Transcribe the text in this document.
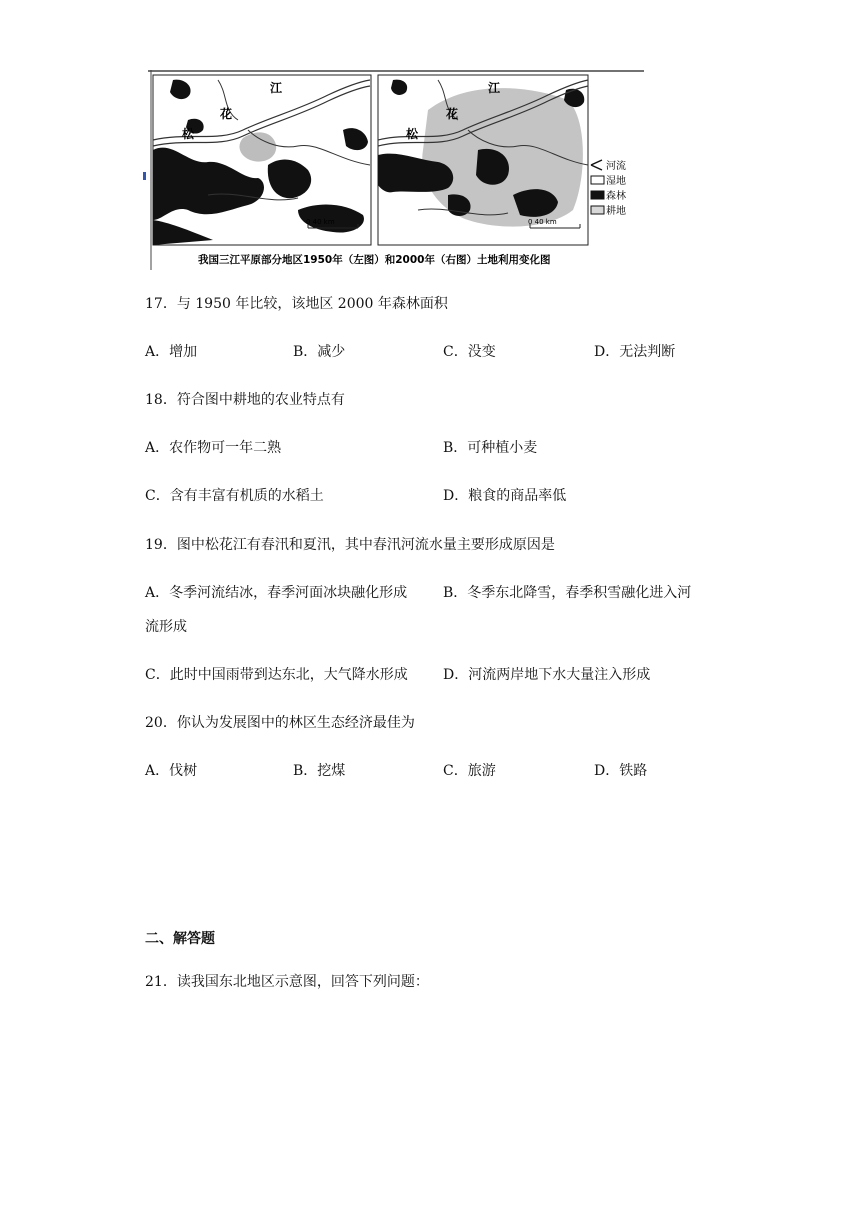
0 40 km
江
花
松
0 40 km
江
花
松
河流
湿地
森林
耕地
我国三江平原部分地区1950年（左图）和2000年（右图）土地利用变化图
17．与 1950 年比较，该地区 2000 年森林面积
A．增加	B．减少	C．没变	D．无法判断
18．符合图中耕地的农业特点有
A．农作物可一年二熟	B．可种植小麦
C．含有丰富有机质的水稻土	D．粮食的商品率低
19．图中松花江有春汛和夏汛，其中春汛河流水量主要形成原因是
A．冬季河流结冰，春季河面冰块融化形成	B．冬季东北降雪，春季积雪融化进入河
流形成
C．此时中国雨带到达东北，大气降水形成	D．河流两岸地下水大量注入形成
20．你认为发展图中的林区生态经济最佳为
A．伐树	B．挖煤	C．旅游	D．铁路
二、解答题
21．读我国东北地区示意图，回答下列问题：
